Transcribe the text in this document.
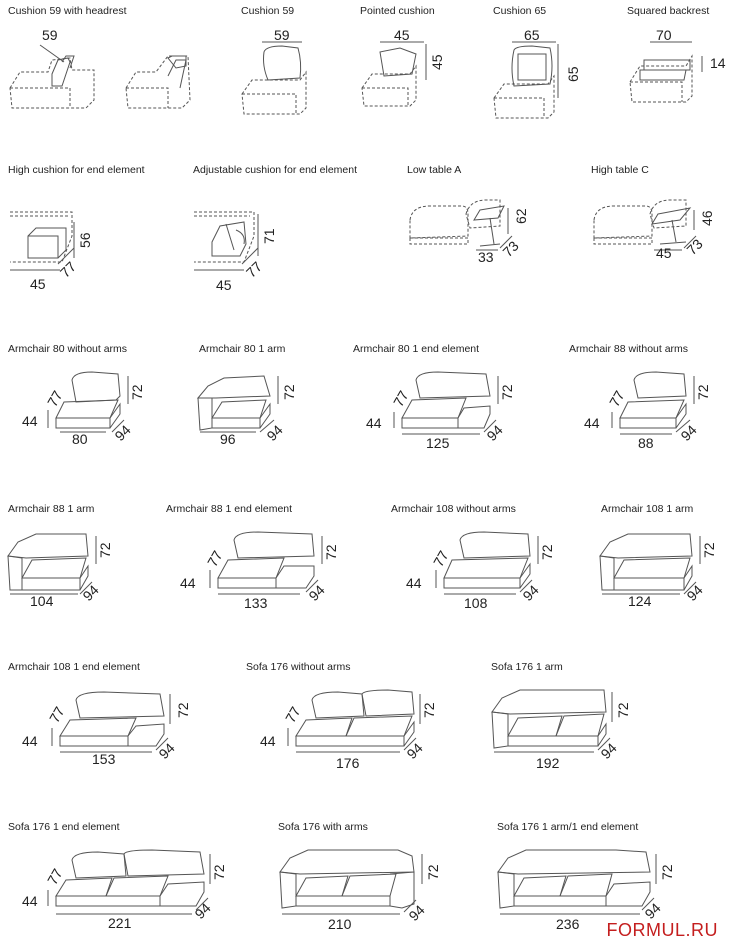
Cushion 59 with headrest	Cushion 59	Pointed cushion	Cushion 65	Squared backrest
High cushion for end element	Adjustable cushion for end element	Low table A	High table C
Armchair 80 without arms	Armchair 80 1 arm	Armchair 80 1 end element	Armchair 88 without arms
Armchair 88 1 arm	Armchair 88 1 end element	Armchair 108 without arms	Armchair 108 1 arm
Armchair 108 1 end element	Sofa 176 without arms	Sofa 176 1 arm
Sofa 176 1 end element	Sofa 176 with arms	Sofa 176 1 arm/1 end element
59	59	45
45
65
65
70
14
56
77
45
71
77
45
62
73
33
46
73
45
77	72
44
94
80
72
94
96
77	72
44	94
125
77	72
44	94
88
72
94
104
77	72
44	94
133
77	72
44	94
108
72
94
124
77	72
44	94
153
77	72
44	94
176
72
94
192
77	72
44	94
221
72
94
210
72
94
236 FORMUL.RU
